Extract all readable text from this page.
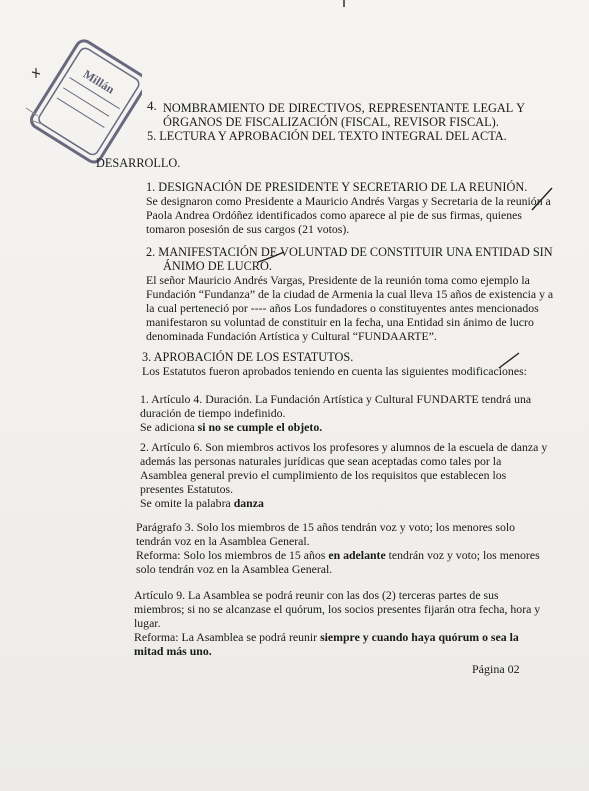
Millán
4. NOMBRAMIENTO DE DIRECTIVOS, REPRESENTANTE LEGAL Y
ÓRGANOS DE FISCALIZACIÓN (FISCAL, REVISOR FISCAL).
5. LECTURA Y APROBACIÓN DEL TEXTO INTEGRAL DEL ACTA.
DESARROLLO.
1. DESIGNACIÓN DE PRESIDENTE Y SECRETARIO DE LA REUNIÓN.
Se designaron como Presidente a Mauricio Andrés Vargas y Secretaria de la reunión a
Paola Andrea Ordóñez identificados como aparece al pie de sus firmas, quienes
tomaron posesión de sus cargos (21 votos).
2. MANIFESTACIÓN DE VOLUNTAD DE CONSTITUIR UNA ENTIDAD SIN
ÁNIMO DE LUCRO.
El señor Mauricio Andrés Vargas, Presidente de la reunión toma como ejemplo la
Fundación “Fundanza” de la ciudad de Armenia la cual lleva 15 años de existencia y a
la cual perteneció por ---- años Los fundadores o constituyentes antes mencionados
manifestaron su voluntad de constituir en la fecha, una Entidad sin ánimo de lucro
denominada Fundación Artística y Cultural “FUNDAARTE”.
3. APROBACIÓN DE LOS ESTATUTOS.
Los Estatutos fueron aprobados teniendo en cuenta las siguientes modificaciones:
1. Artículo 4. Duración. La Fundación Artística y Cultural FUNDARTE tendrá una
duración de tiempo indefinido.
Se adiciona si no se cumple el objeto.
2. Artículo 6. Son miembros activos los profesores y alumnos de la escuela de danza y
además las personas naturales jurídicas que sean aceptadas como tales por la
Asamblea general previo el cumplimiento de los requisitos que establecen los
presentes Estatutos.
Se omite la palabra danza
Parágrafo 3. Solo los miembros de 15 años tendrán voz y voto; los menores solo
tendrán voz en la Asamblea General.
Reforma: Solo los miembros de 15 años en adelante tendrán voz y voto; los menores
solo tendrán voz en la Asamblea General.
Artículo 9. La Asamblea se podrá reunir con las dos (2) terceras partes de sus
miembros; si no se alcanzase el quórum, los socios presentes fijarán otra fecha, hora y
lugar.
Reforma: La Asamblea se podrá reunir siempre y cuando haya quórum o sea la
mitad más uno.
Página 02
